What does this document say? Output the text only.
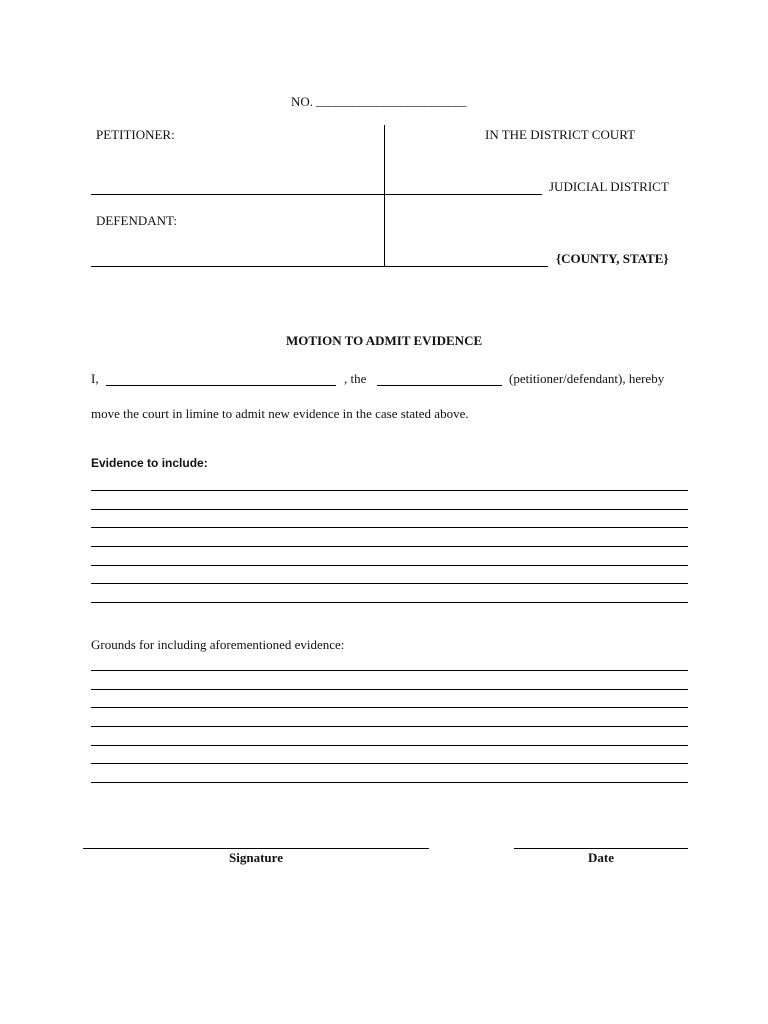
NO. _________________________
PETITIONER:
DEFENDANT:
IN THE DISTRICT COURT
JUDICIAL DISTRICT
{COUNTY, STATE}
MOTION TO ADMIT EVIDENCE
I,	, the	(petitioner/defendant), hereby
move the court in limine to admit new evidence in the case stated above.
Evidence to include:
Grounds for including aforementioned evidence:
Signature	Date
